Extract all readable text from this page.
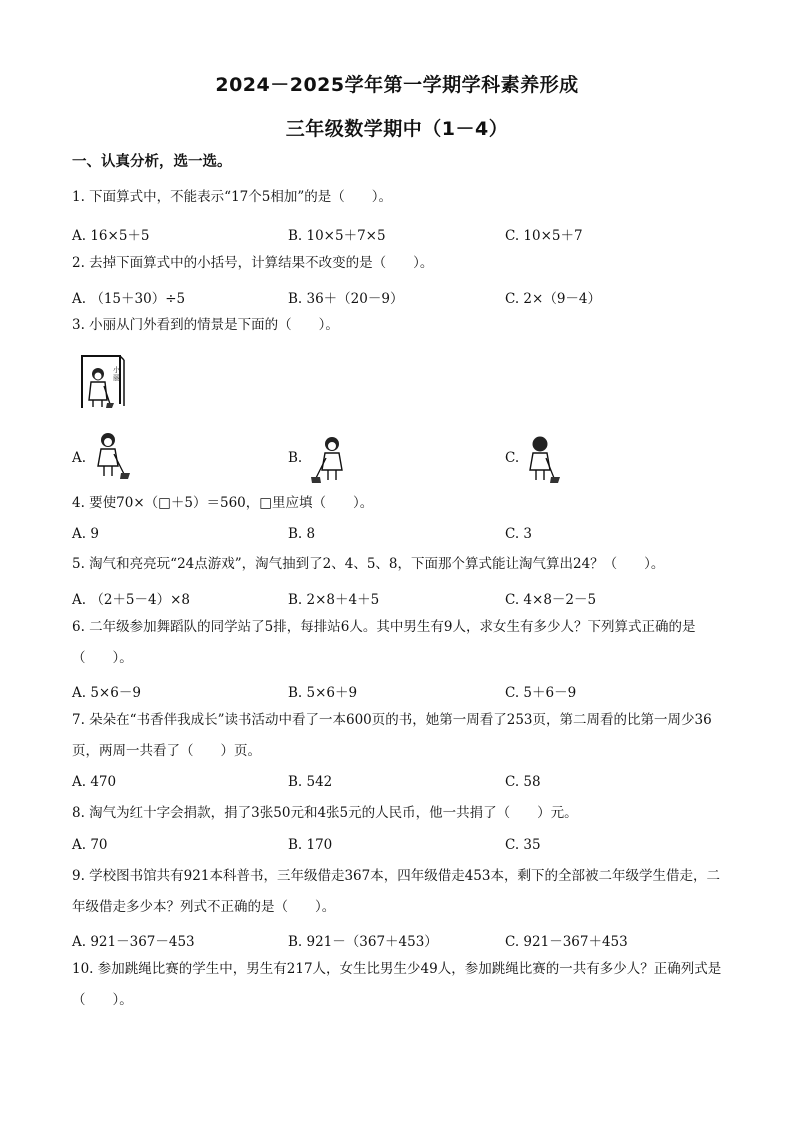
2024－2025学年第一学期学科素养形成
三年级数学期中（1－4）
一、认真分析，选一选。
1. 下面算式中，不能表示“17个5相加”的是（　　）。
A. 16×5＋5	B. 10×5＋7×5	C. 10×5＋7
2. 去掉下面算式中的小括号，计算结果不改变的是（　　）。
A. （15＋30）÷5	B. 36＋（20－9）	C. 2×（9－4）
3. 小丽从门外看到的情景是下面的（　　）。
小丽
A.	B.	C.
4. 要使70×（□＋5）＝560，□里应填（　　）。
A. 9	B. 8	C. 3
5. 淘气和亮亮玩“24点游戏”，淘气抽到了2、4、5、8，下面那个算式能让淘气算出24？（　　）。
A. （2＋5－4）×8	B. 2×8＋4＋5	C. 4×8－2－5
6. 二年级参加舞蹈队的同学站了5排，每排站6人。其中男生有9人，求女生有多少人？下列算式正确的是（　　）。
A. 5×6－9	B. 5×6＋9	C. 5＋6－9
7. 朵朵在“书香伴我成长”读书活动中看了一本600页的书，她第一周看了253页，第二周看的比第一周少36页，两周一共看了（　　）页。
A. 470	B. 542	C. 58
8. 淘气为红十字会捐款，捐了3张50元和4张5元的人民币，他一共捐了（　　）元。
A. 70	B. 170	C. 35
9. 学校图书馆共有921本科普书，三年级借走367本，四年级借走453本，剩下的全部被二年级学生借走，二年级借走多少本？列式不正确的是（　　）。
A. 921－367－453	B. 921－（367＋453）	C. 921－367＋453
10. 参加跳绳比赛的学生中，男生有217人，女生比男生少49人，参加跳绳比赛的一共有多少人？正确列式是（　　）。
